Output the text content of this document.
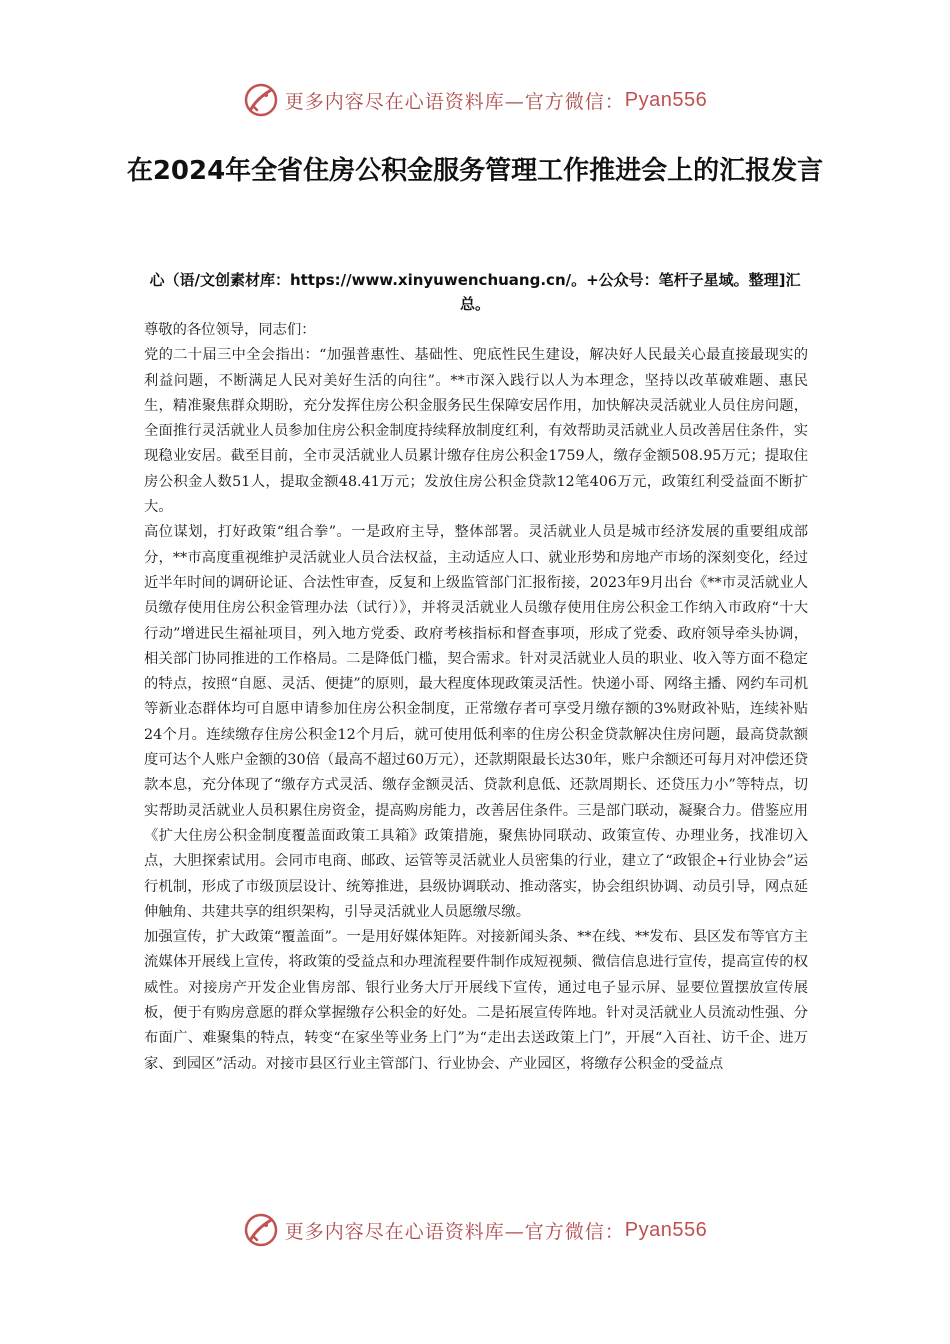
更多内容尽在心语资料库—官方微信： Pyan556
在2024年全省住房公积金服务管理工作推进会上的汇报发言

心（语/文创素材库：https://www.xinyuwenchuang.cn/。+公众号：笔杆子星域。整理]汇总。

尊敬的各位领导，同志们：

党的二十届三中全会指出：“加强普惠性、基础性、兜底性民生建设，解决好人民最关心最直接最现实的利益问题，不断满足人民对美好生活的向往”。**市深入践行以人为本理念，坚持以改革破难题、惠民生，精准聚焦群众期盼，充分发挥住房公积金服务民生保障安居作用，加快解决灵活就业人员住房问题，全面推行灵活就业人员参加住房公积金制度持续释放制度红利，有效帮助灵活就业人员改善居住条件，实现稳业安居。截至目前，全市灵活就业人员累计缴存住房公积金1759人，缴存金额508.95万元；提取住房公积金人数51人，提取金额48.41万元；发放住房公积金贷款12笔406万元，政策红利受益面不断扩大。

高位谋划，打好政策“组合拳”。一是政府主导，整体部署。灵活就业人员是城市经济发展的重要组成部分，**市高度重视维护灵活就业人员合法权益，主动适应人口、就业形势和房地产市场的深刻变化，经过近半年时间的调研论证、合法性审查，反复和上级监管部门汇报衔接，2023年9月出台《**市灵活就业人员缴存使用住房公积金管理办法（试行）》，并将灵活就业人员缴存使用住房公积金工作纳入市政府“十大行动”增进民生福祉项目，列入地方党委、政府考核指标和督查事项，形成了党委、政府领导牵头协调，相关部门协同推进的工作格局。二是降低门槛，契合需求。针对灵活就业人员的职业、收入等方面不稳定的特点，按照“自愿、灵活、便捷”的原则，最大程度体现政策灵活性。快递小哥、网络主播、网约车司机等新业态群体均可自愿申请参加住房公积金制度，正常缴存者可享受月缴存额的3%财政补贴，连续补贴24个月。连续缴存住房公积金12个月后，就可使用低利率的住房公积金贷款解决住房问题，最高贷款额度可达个人账户金额的30倍（最高不超过60万元），还款期限最长达30年，账户余额还可每月对冲偿还贷款本息，充分体现了“缴存方式灵活、缴存金额灵活、贷款利息低、还款周期长、还贷压力小”等特点，切实帮助灵活就业人员积累住房资金，提高购房能力，改善居住条件。三是部门联动，凝聚合力。借鉴应用《扩大住房公积金制度覆盖面政策工具箱》政策措施，聚焦协同联动、政策宣传、办理业务，找准切入点，大胆探索试用。会同市电商、邮政、运管等灵活就业人员密集的行业，建立了“政银企+行业协会”运行机制，形成了市级顶层设计、统筹推进，县级协调联动、推动落实，协会组织协调、动员引导，网点延伸触角、共建共享的组织架构，引导灵活就业人员愿缴尽缴。

加强宣传，扩大政策“覆盖面”。一是用好媒体矩阵。对接新闻头条、**在线、**发布、县区发布等官方主流媒体开展线上宣传，将政策的受益点和办理流程要件制作成短视频、微信信息进行宣传，提高宣传的权威性。对接房产开发企业售房部、银行业务大厅开展线下宣传，通过电子显示屏、显要位置摆放宣传展板，便于有购房意愿的群众掌握缴存公积金的好处。二是拓展宣传阵地。针对灵活就业人员流动性强、分布面广、难聚集的特点，转变“在家坐等业务上门”为“走出去送政策上门”，开展“入百社、访千企、进万家、到园区”活动。对接市县区行业主管部门、行业协会、产业园区，将缴存公积金的受益点

更多内容尽在心语资料库—官方微信： Pyan556
